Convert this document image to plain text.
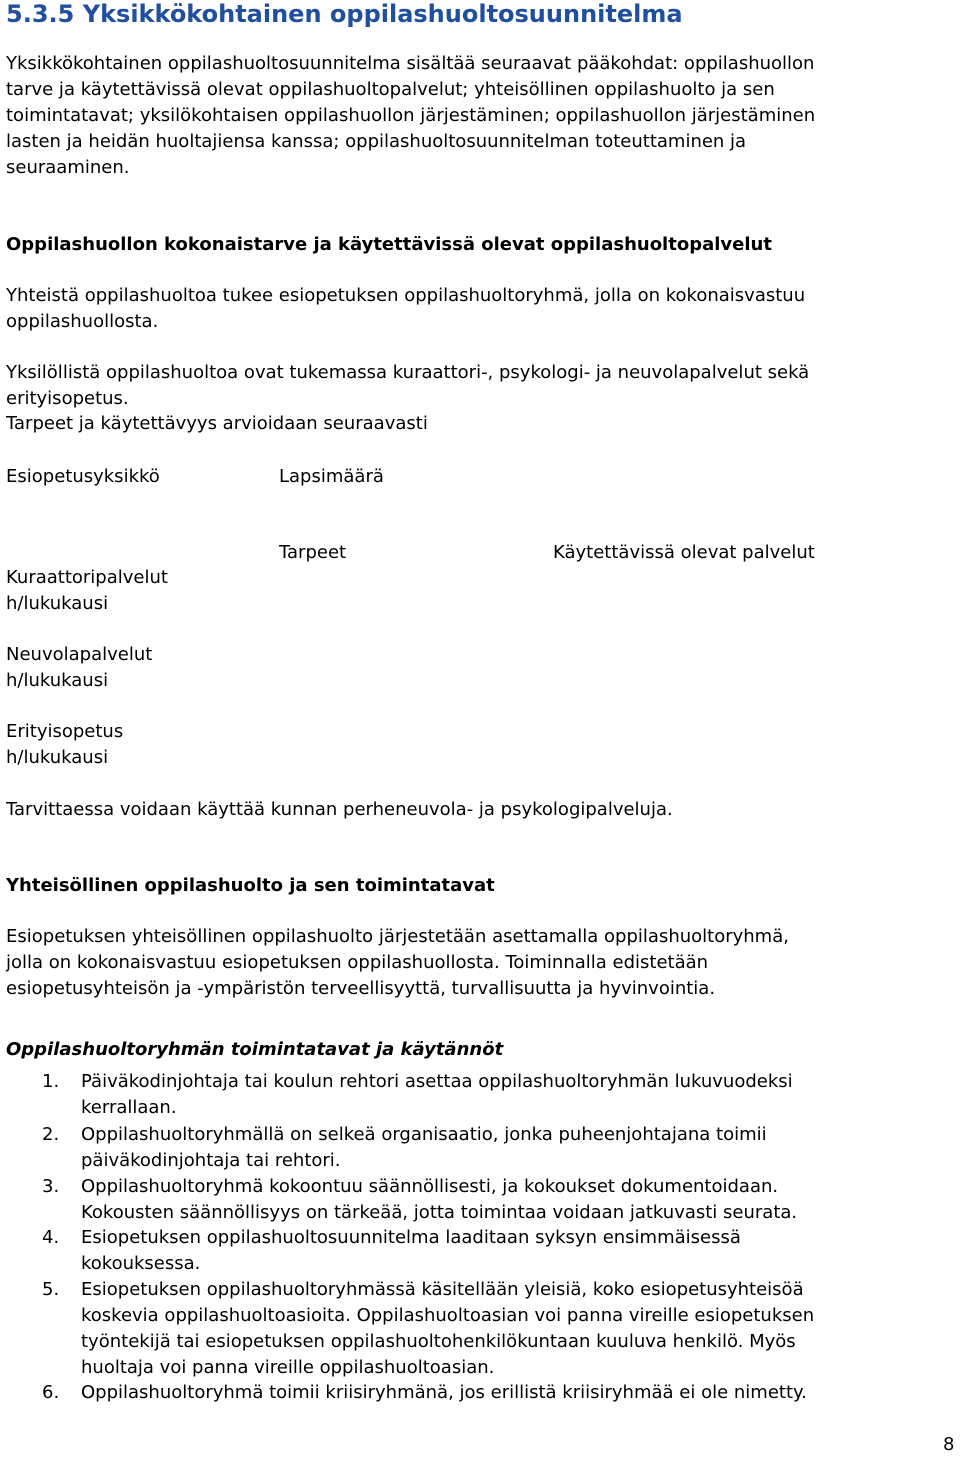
5.3.5 Yksikkökohtainen oppilashuoltosuunnitelma
Yksikkökohtainen oppilashuoltosuunnitelma sisältää seuraavat pääkohdat: oppilashuollon
tarve ja käytettävissä olevat oppilashuoltopalvelut; yhteisöllinen oppilashuolto ja sen
toimintatavat; yksilökohtaisen oppilashuollon järjestäminen; oppilashuollon järjestäminen
lasten ja heidän huoltajiensa kanssa; oppilashuoltosuunnitelman toteuttaminen ja
seuraaminen.
Oppilashuollon kokonaistarve ja käytettävissä olevat oppilashuoltopalvelut
Yhteistä oppilashuoltoa tukee esiopetuksen oppilashuoltoryhmä, jolla on kokonaisvastuu
oppilashuollosta.
Yksilöllistä oppilashuoltoa ovat tukemassa kuraattori-, psykologi- ja neuvolapalvelut sekä
erityisopetus.
Tarpeet ja käytettävyys arvioidaan seuraavasti
Esiopetusyksikkö	Lapsimäärä
Tarpeet	Käytettävissä olevat palvelut
Kuraattoripalvelut
h/lukukausi
Neuvolapalvelut
h/lukukausi
Erityisopetus
h/lukukausi
Tarvittaessa voidaan käyttää kunnan perheneuvola- ja psykologipalveluja.
Yhteisöllinen oppilashuolto ja sen toimintatavat
Esiopetuksen yhteisöllinen oppilashuolto järjestetään asettamalla oppilashuoltoryhmä,
jolla on kokonaisvastuu esiopetuksen oppilashuollosta. Toiminnalla edistetään
esiopetusyhteisön ja -ympäristön terveellisyyttä, turvallisuutta ja hyvinvointia.
Oppilashuoltoryhmän toimintatavat ja käytännöt
1. Päiväkodinjohtaja tai koulun rehtori asettaa oppilashuoltoryhmän lukuvuodeksi
kerrallaan.
2. Oppilashuoltoryhmällä on selkeä organisaatio, jonka puheenjohtajana toimii
päiväkodinjohtaja tai rehtori.
3. Oppilashuoltoryhmä kokoontuu säännöllisesti, ja kokoukset dokumentoidaan.
Kokousten säännöllisyys on tärkeää, jotta toimintaa voidaan jatkuvasti seurata.
4. Esiopetuksen oppilashuoltosuunnitelma laaditaan syksyn ensimmäisessä
kokouksessa.
5. Esiopetuksen oppilashuoltoryhmässä käsitellään yleisiä, koko esiopetusyhteisöä
koskevia oppilashuoltoasioita. Oppilashuoltoasian voi panna vireille esiopetuksen
työntekijä tai esiopetuksen oppilashuoltohenkilökuntaan kuuluva henkilö. Myös
huoltaja voi panna vireille oppilashuoltoasian.
6. Oppilashuoltoryhmä toimii kriisiryhmänä, jos erillistä kriisiryhmää ei ole nimetty.
8
